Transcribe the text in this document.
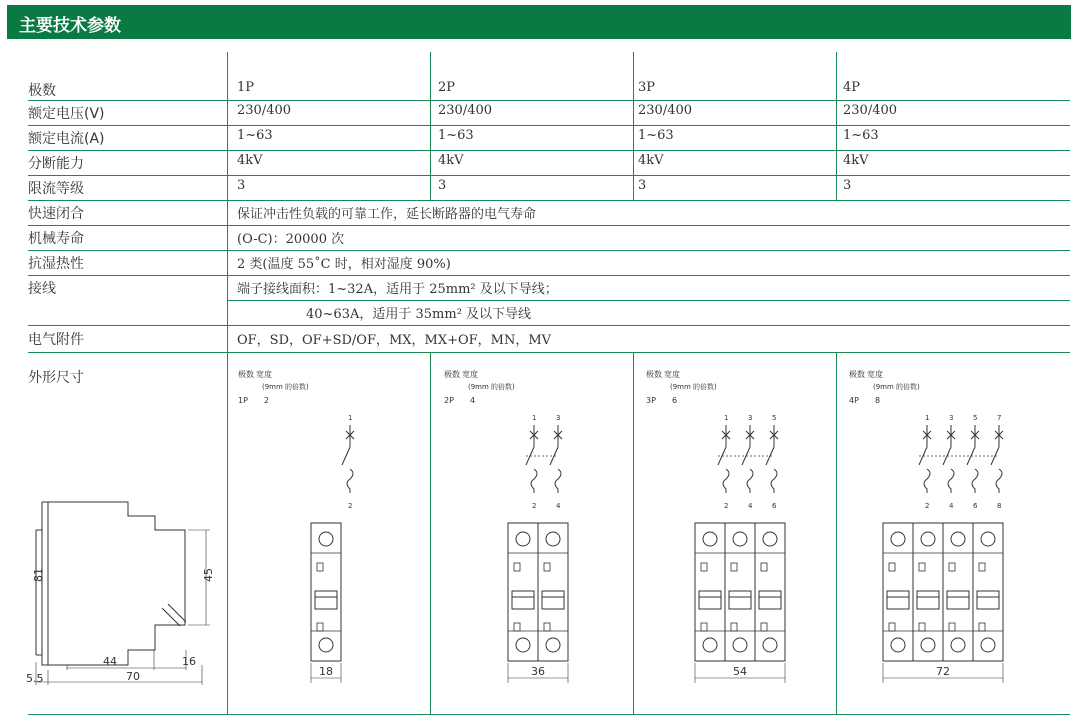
主要技术参数
极数	1P	2P	3P	4P
额定电压(V)	230/400	230/400	230/400	230/400
额定电流(A)	1~63	1~63	1~63	1~63
分断能力	4kV	4kV	4kV	4kV
限流等级	3	3	3	3
快速闭合	保证冲击性负载的可靠工作，延长断路器的电气寿命
机械寿命	(O-C)：20000 次
抗湿热性	2 类(温度 55˚C 时，相对湿度 90%)
接线	端子接线面积：1~32A，适用于 25mm² 及以下导线；
40~63A，适用于 35mm² 及以下导线
电气附件	OF，SD，OF+SD/OF，MX，MX+OF，MN，MV
外形尺寸
81	45
44	16
5.5	70
极数 宽度
(9mm 的倍数)
1P 2
1
2
18
极数 宽度
(9mm 的倍数)
2P 4
1
2
3
4
36
极数 宽度
(9mm 的倍数)
3P 6
1
2
3
4
5
6
54
极数 宽度
(9mm 的倍数)
4P 8
1
2
3
4
5
6
7
8
72
